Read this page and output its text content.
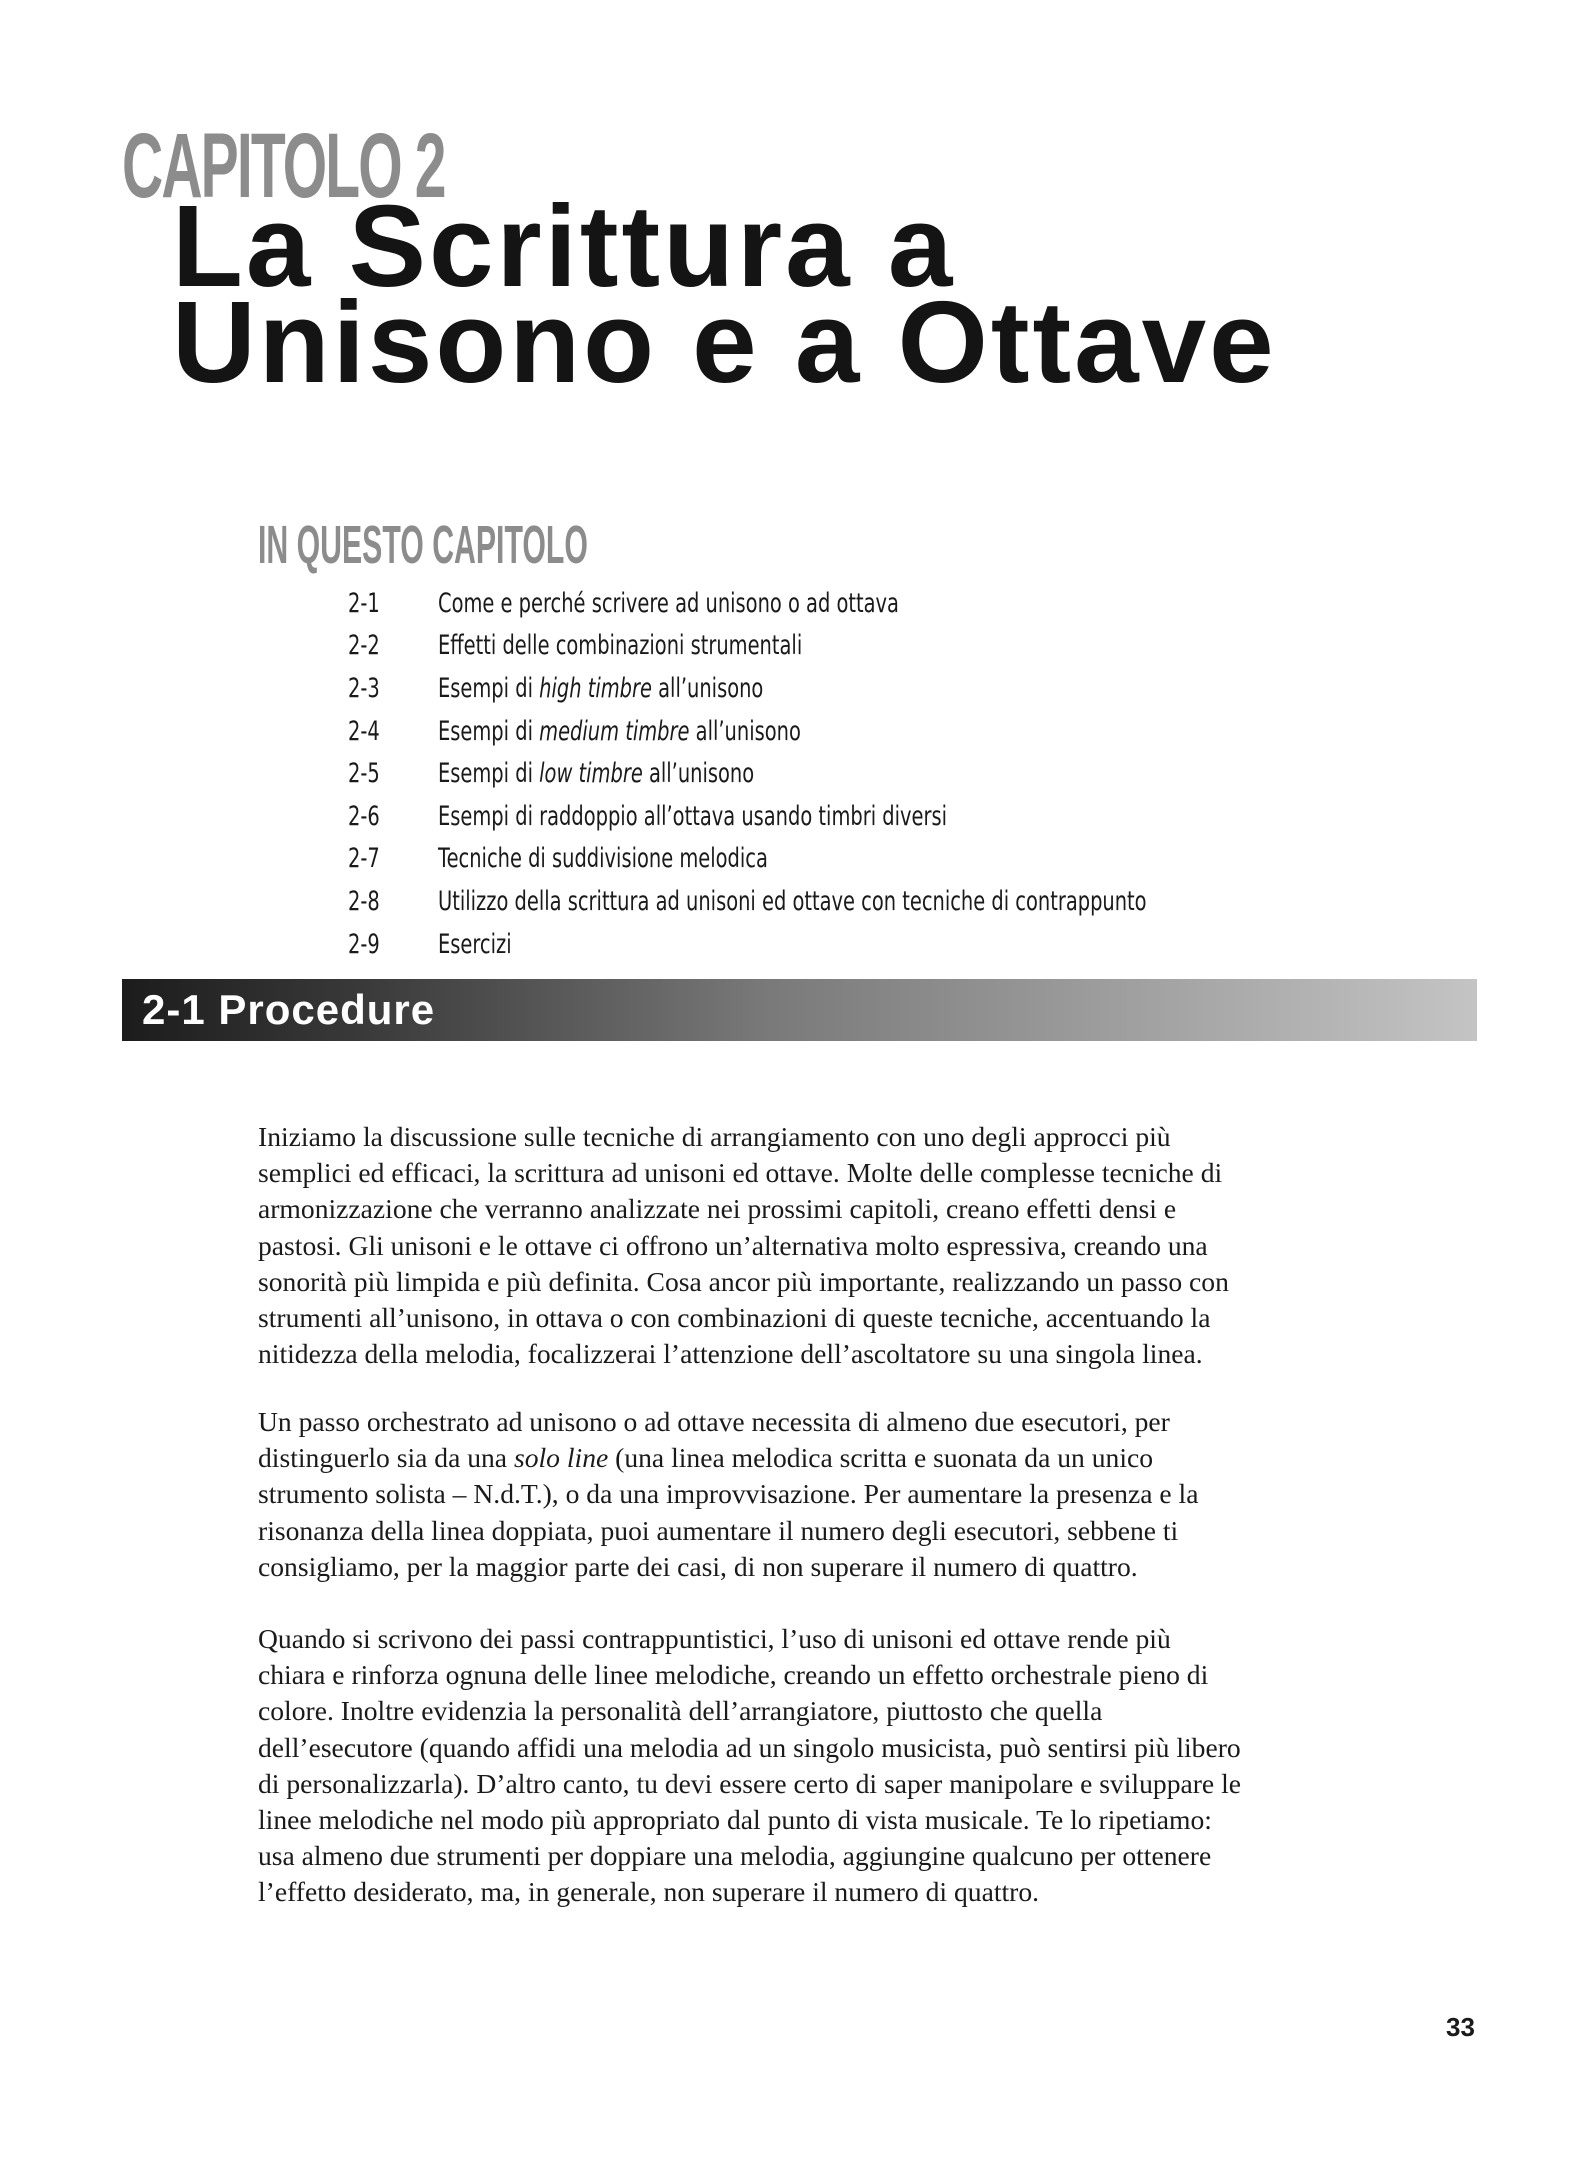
CAPITOLO 2
La Scrittura a
Unisono e a Ottave
IN QUESTO CAPITOLO
2-1	Come e perché scrivere ad unisono o ad ottava
2-2	Effetti delle combinazioni strumentali
2-3	Esempi di high timbre all’unisono
2-4	Esempi di medium timbre all’unisono
2-5	Esempi di low timbre all’unisono
2-6	Esempi di raddoppio all’ottava usando timbri diversi
2-7	Tecniche di suddivisione melodica
2-8	Utilizzo della scrittura ad unisoni ed ottave con tecniche di contrappunto
2-9	Esercizi
2-1 Procedure
Iniziamo la discussione sulle tecniche di arrangiamento con uno degli approcci più
semplici ed efficaci, la scrittura ad unisoni ed ottave. Molte delle complesse tecniche di
armonizzazione che verranno analizzate nei prossimi capitoli, creano effetti densi e
pastosi. Gli unisoni e le ottave ci offrono un’alternativa molto espressiva, creando una
sonorità più limpida e più definita. Cosa ancor più importante, realizzando un passo con
strumenti all’unisono, in ottava o con combinazioni di queste tecniche, accentuando la
nitidezza della melodia, focalizzerai l’attenzione dell’ascoltatore su una singola linea.
Un passo orchestrato ad unisono o ad ottave necessita di almeno due esecutori, per
distinguerlo sia da una solo line (una linea melodica scritta e suonata da un unico
strumento solista – N.d.T.), o da una improvvisazione. Per aumentare la presenza e la
risonanza della linea doppiata, puoi aumentare il numero degli esecutori, sebbene ti
consigliamo, per la maggior parte dei casi, di non superare il numero di quattro.
Quando si scrivono dei passi contrappuntistici, l’uso di unisoni ed ottave rende più
chiara e rinforza ognuna delle linee melodiche, creando un effetto orchestrale pieno di
colore. Inoltre evidenzia la personalità dell’arrangiatore, piuttosto che quella
dell’esecutore (quando affidi una melodia ad un singolo musicista, può sentirsi più libero
di personalizzarla). D’altro canto, tu devi essere certo di saper manipolare e sviluppare le
linee melodiche nel modo più appropriato dal punto di vista musicale. Te lo ripetiamo:
usa almeno due strumenti per doppiare una melodia, aggiungine qualcuno per ottenere
l’effetto desiderato, ma, in generale, non superare il numero di quattro.
33
